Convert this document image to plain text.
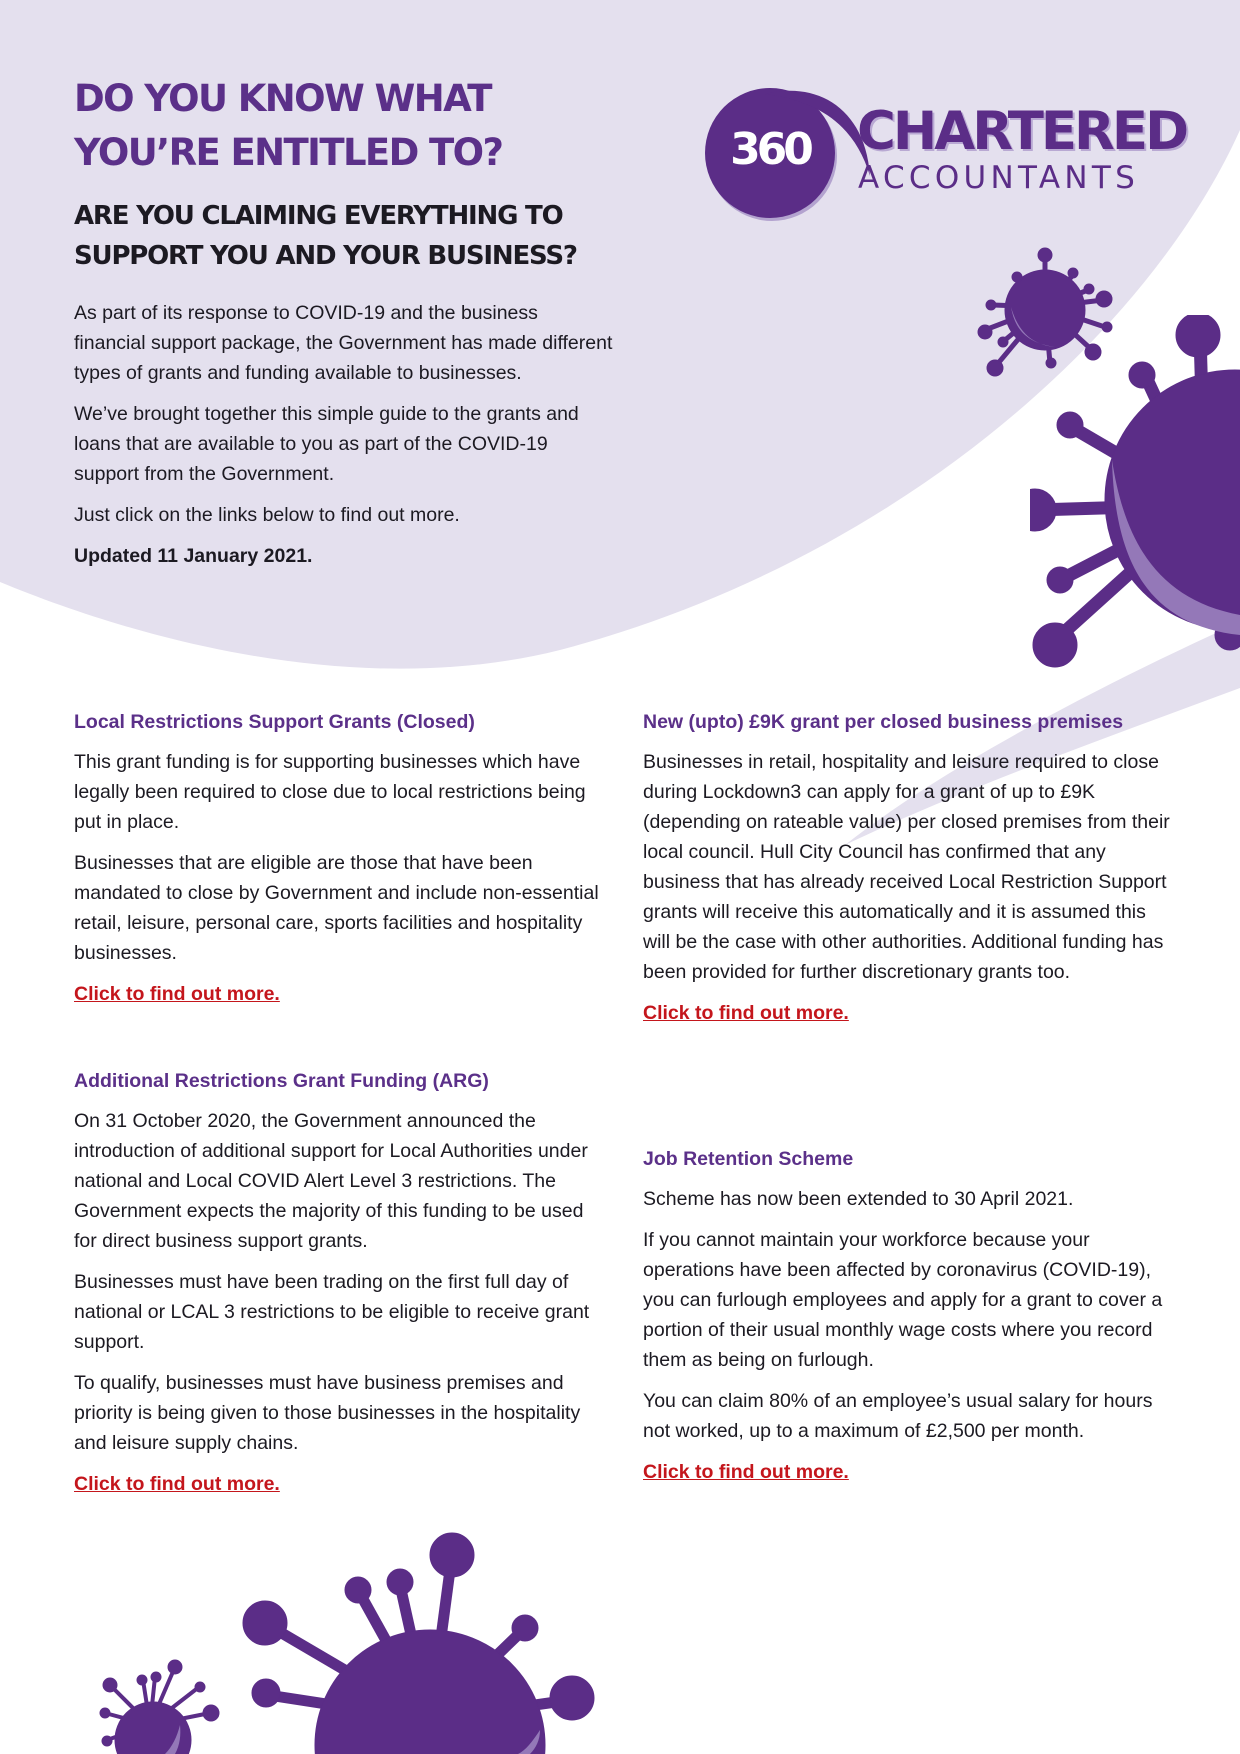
DO YOU KNOW WHAT
YOU’RE ENTITLED TO?
ARE YOU CLAIMING EVERYTHING TO
SUPPORT YOU AND YOUR BUSINESS?
360 CHARTERED
ACCOUNTANTS

As part of its response to COVID-19 and the business financial support package, the Government has made different types of grants and funding available to businesses.

We’ve brought together this simple guide to the grants and loans that are available to you as part of the COVID-19 support from the Government.

Just click on the links below to find out more.

Updated 11 January 2021.

Local Restrictions Support Grants (Closed)

This grant funding is for supporting businesses which have legally been required to close due to local restrictions being put in place.

Businesses that are eligible are those that have been mandated to close by Government and include non-essential retail, leisure, personal care, sports facilities and hospitality businesses.

Click to find out more.
Additional Restrictions Grant Funding (ARG)

On 31 October 2020, the Government announced the introduction of additional support for Local Authorities under national and Local COVID Alert Level 3 restrictions. The Government expects the majority of this funding to be used for direct business support grants.

Businesses must have been trading on the first full day of national or LCAL 3 restrictions to be eligible to receive grant support.

To qualify, businesses must have business premises and priority is being given to those businesses in the hospitality and leisure supply chains.

Click to find out more.
New (upto) £9K grant per closed business premises

Businesses in retail, hospitality and leisure required to close during Lockdown3 can apply for a grant of up to £9K (depending on rateable value) per closed premises from their local council. Hull City Council has confirmed that any business that has already received Local Restriction Support grants will receive this automatically and it is assumed this will be the case with other authorities. Additional funding has been provided for further discretionary grants too.

Click to find out more.
Job Retention Scheme

Scheme has now been extended to 30 April 2021.

If you cannot maintain your workforce because your operations have been affected by coronavirus (COVID-19), you can furlough employees and apply for a grant to cover a portion of their usual monthly wage costs where you record them as being on furlough.

You can claim 80% of an employee’s usual salary for hours not worked, up to a maximum of £2,500 per month.

Click to find out more.
